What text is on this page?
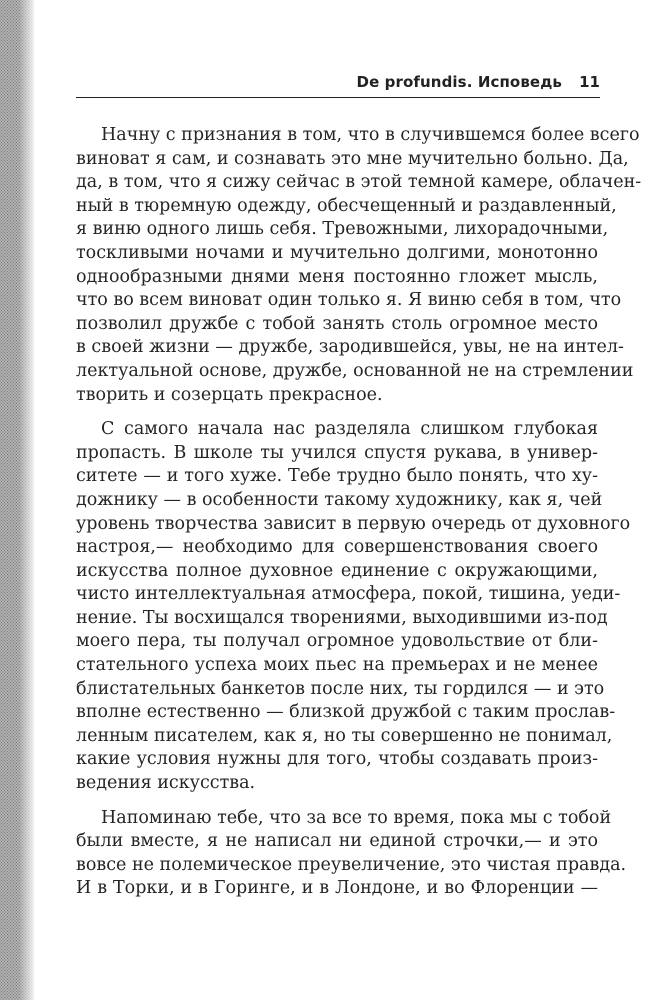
De profundis. Исповедь 11
Начну с признания в том, что в случившемся более всего
виноват я сам, и сознавать это мне мучительно больно. Да,
да, в том, что я сижу сейчас в этой темной камере, облачен-
ный в тюремную одежду, обесчещенный и раздавленный,
я виню одного лишь себя. Тревожными, лихорадочными,
тоскливыми ночами и мучительно долгими, монотонно
однообразными днями меня постоянно гложет мысль,
что во всем виноват один только я. Я виню себя в том, что
позволил дружбе с тобой занять столь огромное место
в своей жизни — дружбе, зародившейся, увы, не на интел-
лектуальной основе, дружбе, основанной не на стремлении
творить и созерцать прекрасное.
С самого начала нас разделяла слишком глубокая
пропасть. В школе ты учился спустя рукава, в универ-
ситете — и того хуже. Тебе трудно было понять, что ху-
дожнику — в особенности такому художнику, как я, чей
уровень творчества зависит в первую очередь от духовного
настроя,— необходимо для совершенствования своего
искусства полное духовное единение с окружающими,
чисто интеллектуальная атмосфера, покой, тишина, уеди-
нение. Ты восхищался творениями, выходившими из-под
моего пера, ты получал огромное удовольствие от бли-
стательного успеха моих пьес на премьерах и не менее
блистательных банкетов после них, ты гордился — и это
вполне естественно — близкой дружбой с таким прослав-
ленным писателем, как я, но ты совершенно не понимал,
какие условия нужны для того, чтобы создавать произ-
ведения искусства.
Напоминаю тебе, что за все то время, пока мы с тобой
были вместе, я не написал ни единой строчки,— и это
вовсе не полемическое преувеличение, это чистая правда.
И в Торки, и в Горинге, и в Лондоне, и во Флоренции —
